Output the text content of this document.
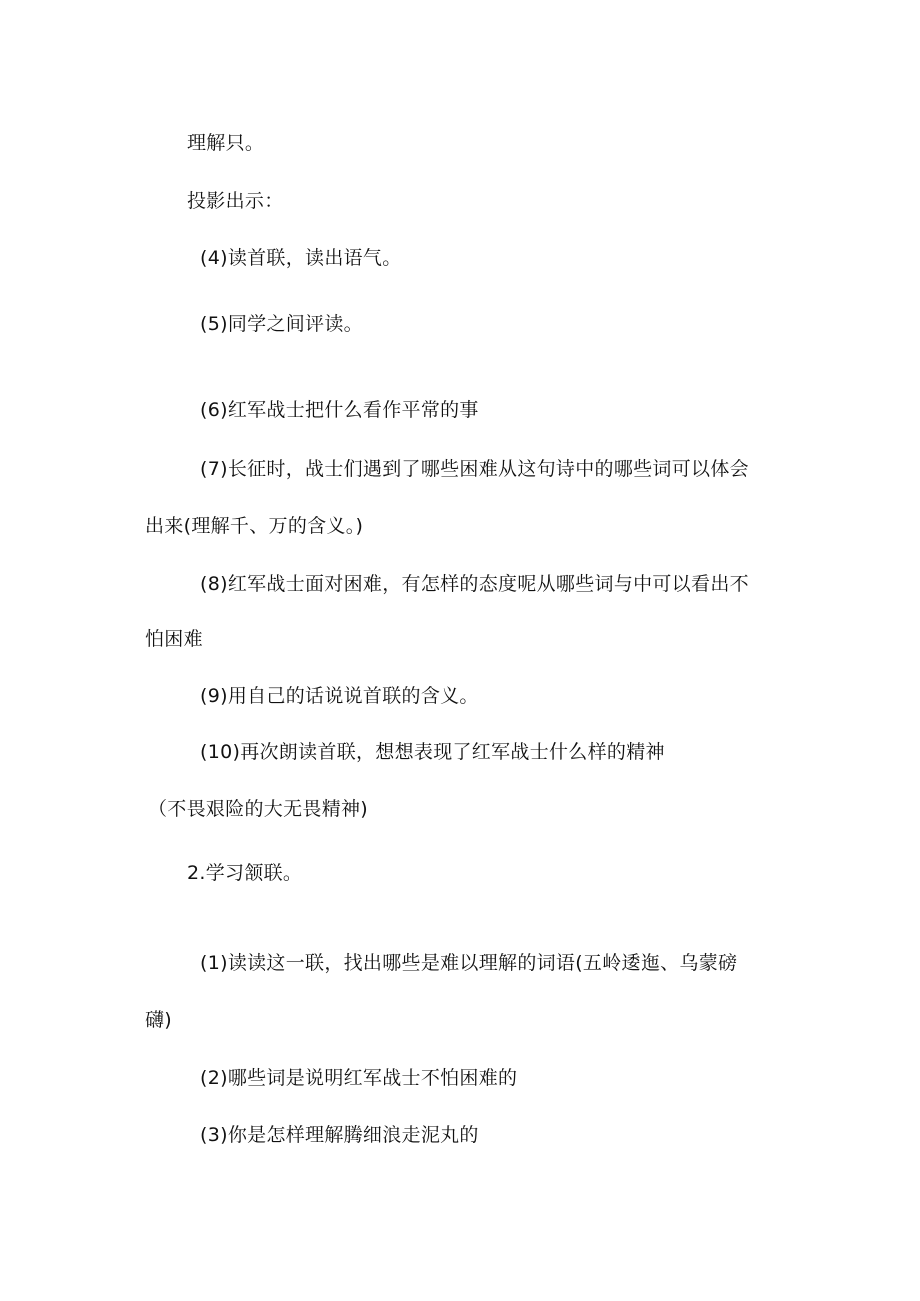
理解只。
投影出示：
(4)读首联，读出语气。
(5)同学之间评读。
(6)红军战士把什么看作平常的事
(7)长征时，战士们遇到了哪些困难从这句诗中的哪些词可以体会
出来(理解千、万的含义。)
(8)红军战士面对困难，有怎样的态度呢从哪些词与中可以看出不
怕困难
(9)用自己的话说说首联的含义。
(10)再次朗读首联，想想表现了红军战士什么样的精神
（不畏艰险的大无畏精神)
2.学习颔联。
(1)读读这一联，找出哪些是难以理解的词语(五岭逶迤、乌蒙磅
礴)
(2)哪些词是说明红军战士不怕困难的
(3)你是怎样理解腾细浪走泥丸的
